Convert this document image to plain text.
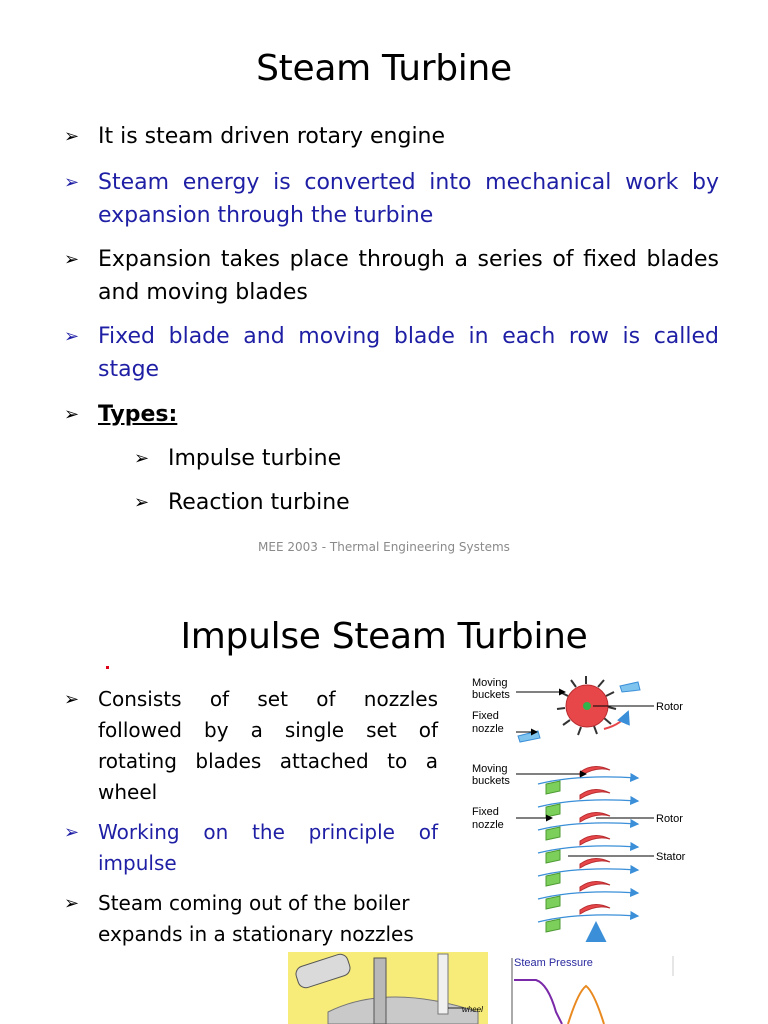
Steam Turbine
➢ It is steam driven rotary engine
➢ Steam energy is converted into mechanical work by expansion through the turbine
➢ Expansion takes place through a series of fixed blades and moving blades
➢ Fixed blade and moving blade in each row is called stage
➢ Types:
➢ Impulse turbine
➢ Reaction turbine
MEE 2003 - Thermal Engineering Systems
Impulse Steam Turbine
➢ Consists of set of nozzles followed by a single set of rotating blades attached to a wheel
➢ Working on the principle of impulse
➢ Steam coming out of the boiler expands in a stationary nozzles
Moving
buckets
Fixed
nozzle
Rotor
Moving
buckets
Fixed
nozzle	Rotor
Stator
wheel
Steam Pressure
